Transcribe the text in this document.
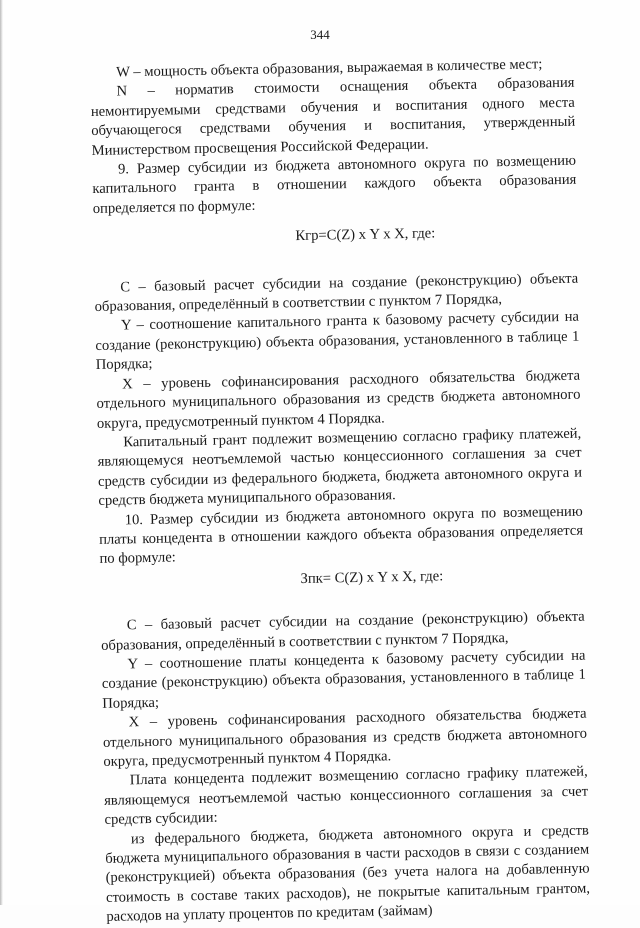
344

W – мощность объекта образования, выражаемая в количестве мест;

N – норматив стоимости оснащения объекта образования немонтируемыми средствами обучения и воспитания одного места обучающегося средствами обучения и воспитания, утвержденный Министерством просвещения Российской Федерации.

9. Размер субсидии из бюджета автономного округа по возмещению капитального гранта в отношении каждого объекта образования определяется по формуле:

Кгр=С(Z) х Y х X, где:

С – базовый расчет субсидии на создание (реконструкцию) объекта образования, определённый в соответствии с пунктом 7 Порядка,

Y – соотношение капитального гранта к базовому расчету субсидии на создание (реконструкцию) объекта образования, установленного в таблице 1 Порядка;

Х – уровень софинансирования расходного обязательства бюджета отдельного муниципального образования из средств бюджета автономного округа, предусмотренный пунктом 4 Порядка.

Капитальный грант подлежит возмещению согласно графику платежей, являющемуся неотъемлемой частью концессионного соглашения за счет средств субсидии из федерального бюджета, бюджета автономного округа и средств бюджета муниципального образования.

10. Размер субсидии из бюджета автономного округа по возмещению платы концедента в отношении каждого объекта образования определяется по формуле:

Зпк= С(Z) х Y х X, где:

С – базовый расчет субсидии на создание (реконструкцию) объекта образования, определённый в соответствии с пунктом 7 Порядка,

Y – соотношение платы концедента к базовому расчету субсидии на создание (реконструкцию) объекта образования, установленного в таблице 1 Порядка;

Х – уровень софинансирования расходного обязательства бюджета отдельного муниципального образования из средств бюджета автономного округа, предусмотренный пунктом 4 Порядка.

Плата концедента подлежит возмещению согласно графику платежей, являющемуся неотъемлемой частью концессионного соглашения за счет средств субсидии:

из федерального бюджета, бюджета автономного округа и средств бюджета муниципального образования в части расходов в связи с созданием (реконструкцией) объекта образования (без учета налога на добавленную стоимость в составе таких расходов), не покрытые капитальным грантом, расходов на уплату процентов по кредитам (займам)
